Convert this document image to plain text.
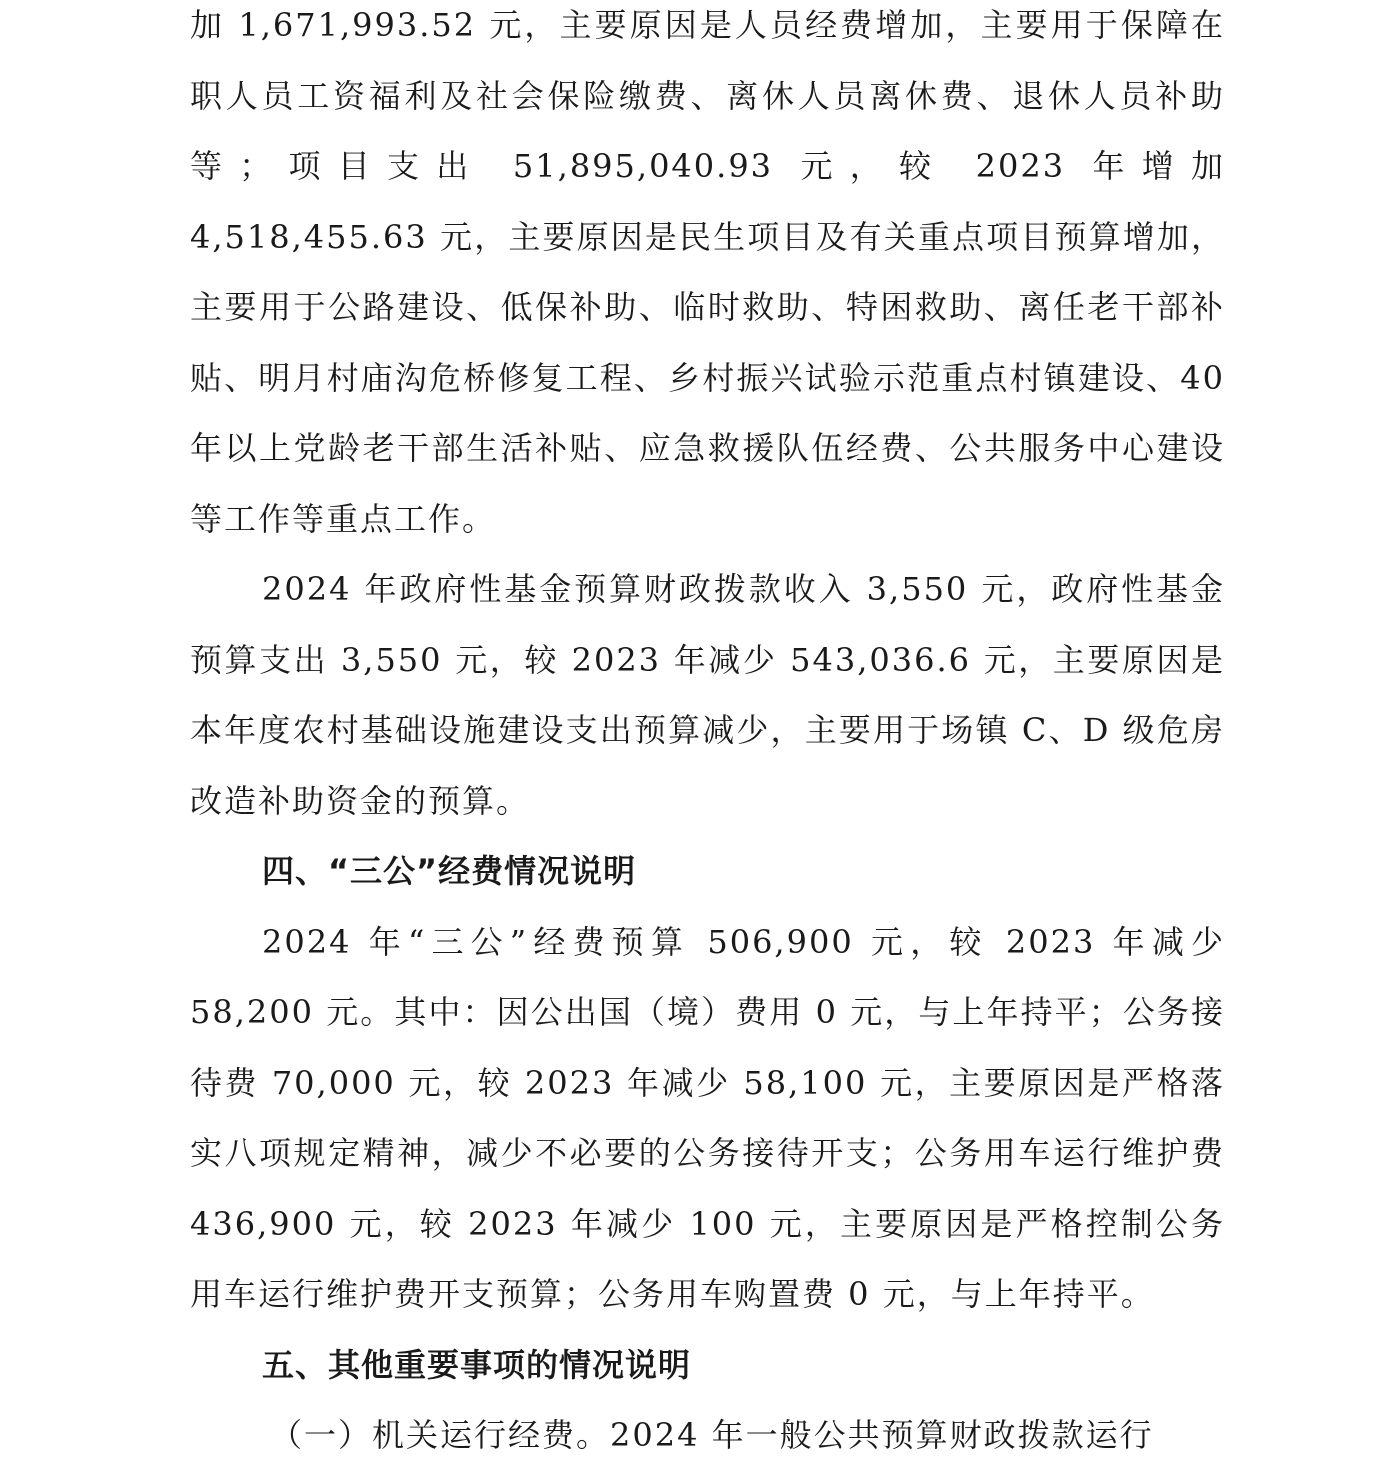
加 1,671,993.52 元，主要原因是人员经费增加，主要用于保障在职人员工资福利及社会保险缴费、离休人员离休费、退休人员补助等；项目支出 51,895,040.93 元，较 2023 年增加 4,518,455.63 元，主要原因是民生项目及有关重点项目预算增加，主要用于公路建设、低保补助、临时救助、特困救助、离任老干部补贴、明月村庙沟危桥修复工程、乡村振兴试验示范重点村镇建设、40 年以上党龄老干部生活补贴、应急救援队伍经费、公共服务中心建设等工作等重点工作。

2024 年政府性基金预算财政拨款收入 3,550 元，政府性基金预算支出 3,550 元，较 2023 年减少 543,036.6 元，主要原因是本年度农村基础设施建设支出预算减少，主要用于场镇 C、D 级危房改造补助资金的预算。

四、“三公”经费情况说明

2024 年“三公”经费预算 506,900 元，较 2023 年减少 58,200 元。其中：因公出国（境）费用 0 元，与上年持平；公务接待费 70,000 元，较 2023 年减少 58,100 元，主要原因是严格落实八项规定精神，减少不必要的公务接待开支；公务用车运行维护费 436,900 元，较 2023 年减少 100 元，主要原因是严格控制公务用车运行维护费开支预算；公务用车购置费 0 元，与上年持平。

五、其他重要事项的情况说明

（一）机关运行经费。2024 年一般公共预算财政拨款运行
